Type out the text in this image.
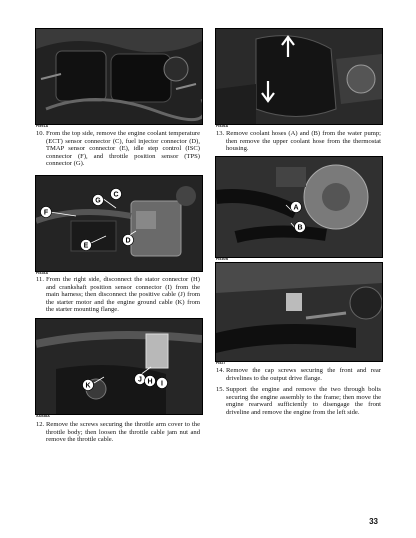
FI591A	FI526A
10. From the top side, remove the engine coolant temperature (ECT) sensor connector (C), fuel injector connector (D), TMAP sensor connector (E), idle step control (ISC) connector (F), and throttle position sensor (TPS) connector (G).
13. Remove coolant hoses (A) and (B) from the water pump; then remove the upper coolant hose from the thermostat housing.
C
G
F
D
E
FI528A
A
B
FI530B
FI527
11. From the right side, disconnect the stator connector (H) and crankshaft position sensor connector (I) from the main harness; then disconnect the positive cable (J) from the starter motor and the engine ground cable (K) from the starter mounting flange.
K
J H I
XA538A
12. Remove the screws securing the throttle arm cover to the throttle body; then loosen the throttle cable jam nut and remove the throttle cable.
14. Remove the cap screws securing the front and rear drivelines to the output drive flange.
15. Support the engine and remove the two through bolts securing the engine assembly to the frame; then move the engine rearward sufficiently to disengage the front driveline and remove the engine from the left side.
33
